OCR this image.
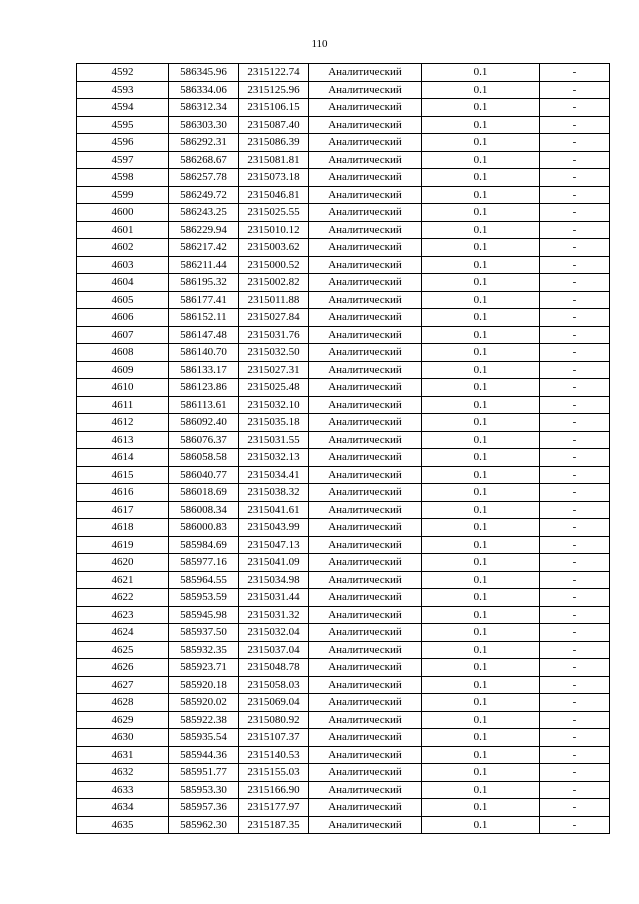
110
4592	586345.96	2315122.74	Аналитический	0.1	-
4593	586334.06	2315125.96	Аналитический	0.1	-
4594	586312.34	2315106.15	Аналитический	0.1	-
4595	586303.30	2315087.40	Аналитический	0.1	-
4596	586292.31	2315086.39	Аналитический	0.1	-
4597	586268.67	2315081.81	Аналитический	0.1	-
4598	586257.78	2315073.18	Аналитический	0.1	-
4599	586249.72	2315046.81	Аналитический	0.1	-
4600	586243.25	2315025.55	Аналитический	0.1	-
4601	586229.94	2315010.12	Аналитический	0.1	-
4602	586217.42	2315003.62	Аналитический	0.1	-
4603	586211.44	2315000.52	Аналитический	0.1	-
4604	586195.32	2315002.82	Аналитический	0.1	-
4605	586177.41	2315011.88	Аналитический	0.1	-
4606	586152.11	2315027.84	Аналитический	0.1	-
4607	586147.48	2315031.76	Аналитический	0.1	-
4608	586140.70	2315032.50	Аналитический	0.1	-
4609	586133.17	2315027.31	Аналитический	0.1	-
4610	586123.86	2315025.48	Аналитический	0.1	-
4611	586113.61	2315032.10	Аналитический	0.1	-
4612	586092.40	2315035.18	Аналитический	0.1	-
4613	586076.37	2315031.55	Аналитический	0.1	-
4614	586058.58	2315032.13	Аналитический	0.1	-
4615	586040.77	2315034.41	Аналитический	0.1	-
4616	586018.69	2315038.32	Аналитический	0.1	-
4617	586008.34	2315041.61	Аналитический	0.1	-
4618	586000.83	2315043.99	Аналитический	0.1	-
4619	585984.69	2315047.13	Аналитический	0.1	-
4620	585977.16	2315041.09	Аналитический	0.1	-
4621	585964.55	2315034.98	Аналитический	0.1	-
4622	585953.59	2315031.44	Аналитический	0.1	-
4623	585945.98	2315031.32	Аналитический	0.1	-
4624	585937.50	2315032.04	Аналитический	0.1	-
4625	585932.35	2315037.04	Аналитический	0.1	-
4626	585923.71	2315048.78	Аналитический	0.1	-
4627	585920.18	2315058.03	Аналитический	0.1	-
4628	585920.02	2315069.04	Аналитический	0.1	-
4629	585922.38	2315080.92	Аналитический	0.1	-
4630	585935.54	2315107.37	Аналитический	0.1	-
4631	585944.36	2315140.53	Аналитический	0.1	-
4632	585951.77	2315155.03	Аналитический	0.1	-
4633	585953.30	2315166.90	Аналитический	0.1	-
4634	585957.36	2315177.97	Аналитический	0.1	-
4635	585962.30	2315187.35	Аналитический	0.1	-
